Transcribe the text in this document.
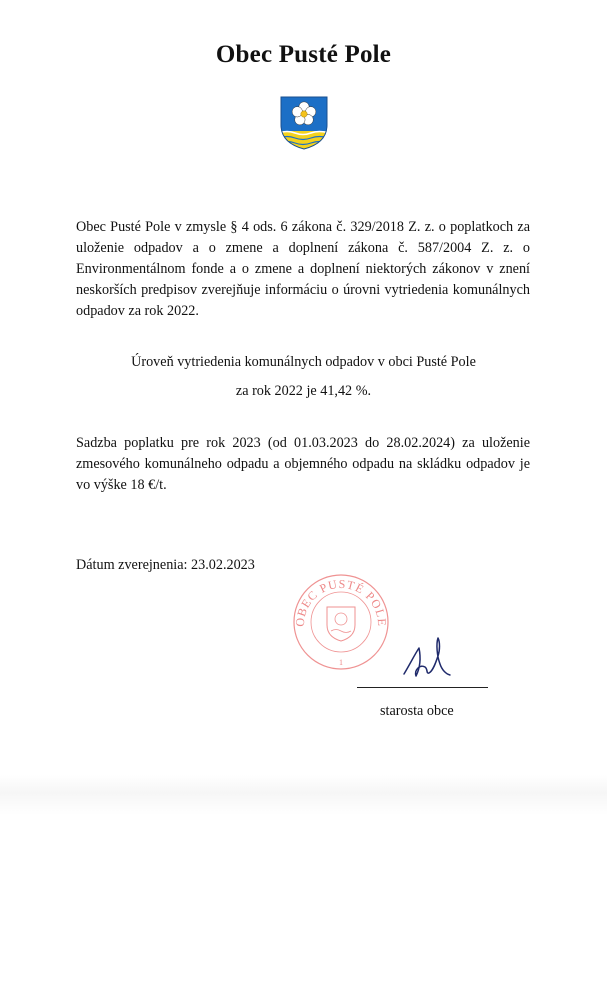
Obec Pusté Pole
Obec Pusté Pole v zmysle § 4 ods. 6 zákona č. 329/2018 Z. z. o poplatkoch za uloženie odpadov a o zmene a doplnení zákona č. 587/2004 Z. z. o Environmentálnom fonde a o zmene a doplnení niektorých zákonov v znení neskorších predpisov zverejňuje informáciu o úrovni vytriedenia komunálnych odpadov za rok 2022.
Úroveň vytriedenia komunálnych odpadov v obci Pusté Pole
za rok 2022 je 41,42 %.
Sadzba poplatku pre rok 2023 (od 01.03.2023 do 28.02.2024) za uloženie zmesového komunálneho odpadu a objemného odpadu na skládku odpadov je vo výške 18 €/t.
Dátum zverejnenia: 23.02.2023
OBEC PUSTÉ POLE
1
starosta obce
